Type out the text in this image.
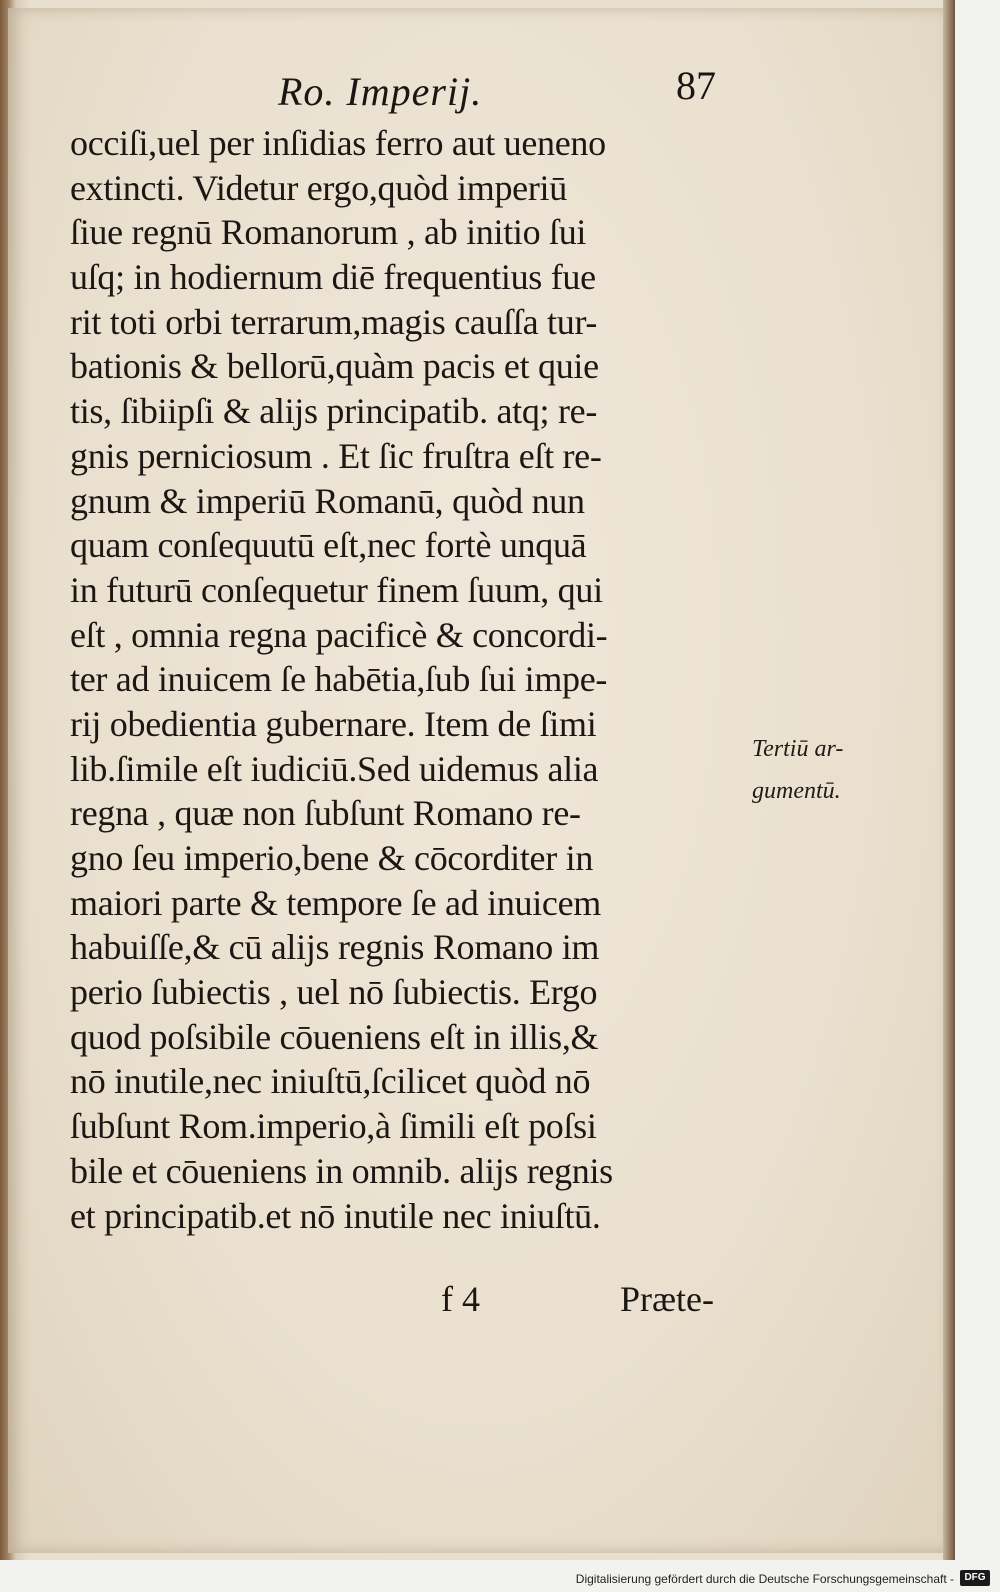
Ro. Imperij.	87
occiſi,uel per inſidias ferro aut ueneno
extincti. Videtur ergo,quòd imperiū
ſiue regnū Romanorum , ab initio ſui
uſq; in hodiernum diē frequentius fue
rit toti orbi terrarum,magis cauſſa tur-
bationis & bellorū,quàm pacis et quie
tis, ſibiipſi & alijs principatib. atq; re-
gnis perniciosum . Et ſic fruſtra eſt re-
gnum & imperiū Romanū, quòd nun
quam conſequutū eſt,nec fortè unquā
in futurū conſequetur finem ſuum, qui
eſt , omnia regna pacificè & concordi-
ter ad inuicem ſe habētia,ſub ſui impe-
rij obedientia gubernare. Item de ſimi
lib.ſimile eſt iudiciū.Sed uidemus alia
regna , quæ non ſubſunt Romano re-
gno ſeu imperio,bene & cōcorditer in
maiori parte & tempore ſe ad inuicem
habuiſſe,& cū alijs regnis Romano im
perio ſubiectis , uel nō ſubiectis. Ergo
quod poſsibile cōueniens eſt in illis,&
nō inutile,nec iniuſtū,ſcilicet quòd nō
ſubſunt Rom.imperio,à ſimili eſt poſsi
bile et cōueniens in omnib. alijs regnis
et principatib.et nō inutile nec iniuſtū.
Tertiū ar-
gumentū.
f 4	Præte-
Digitalisierung gefördert durch die Deutsche Forschungsgemeinschaft -	DFG
